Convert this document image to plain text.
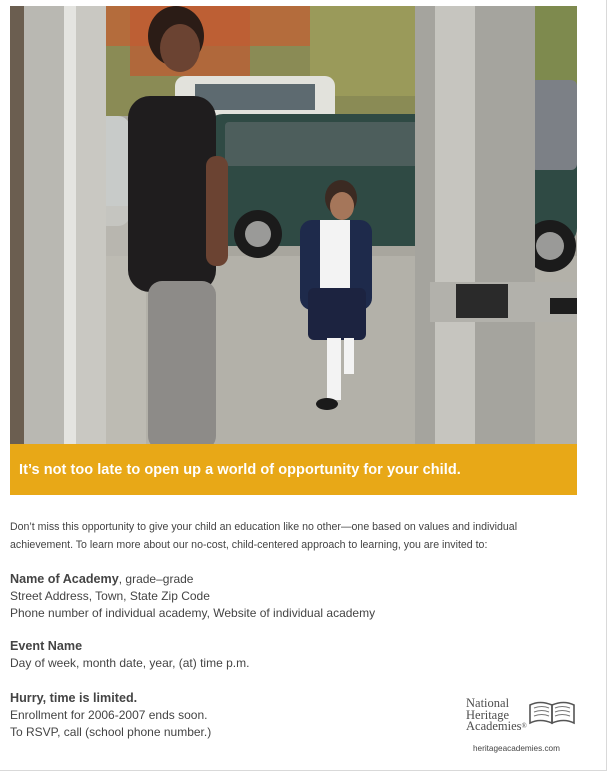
It’s not too late to open up a world of opportunity for your child.
Don’t miss this opportunity to give your child an education like no other—one based on values and individual achievement. To learn more about our no-cost, child-centered approach to learning, you are invited to:
Name of Academy, grade–grade
Street Address, Town, State Zip Code
Phone number of individual academy, Website of individual academy
Event Name
Day of week, month date, year, (at) time p.m.
Hurry, time is limited.
Enrollment for 2006-2007 ends soon.
To RSVP, call (school phone number.)
National
Heritage
Academies®
heritageacademies.com
